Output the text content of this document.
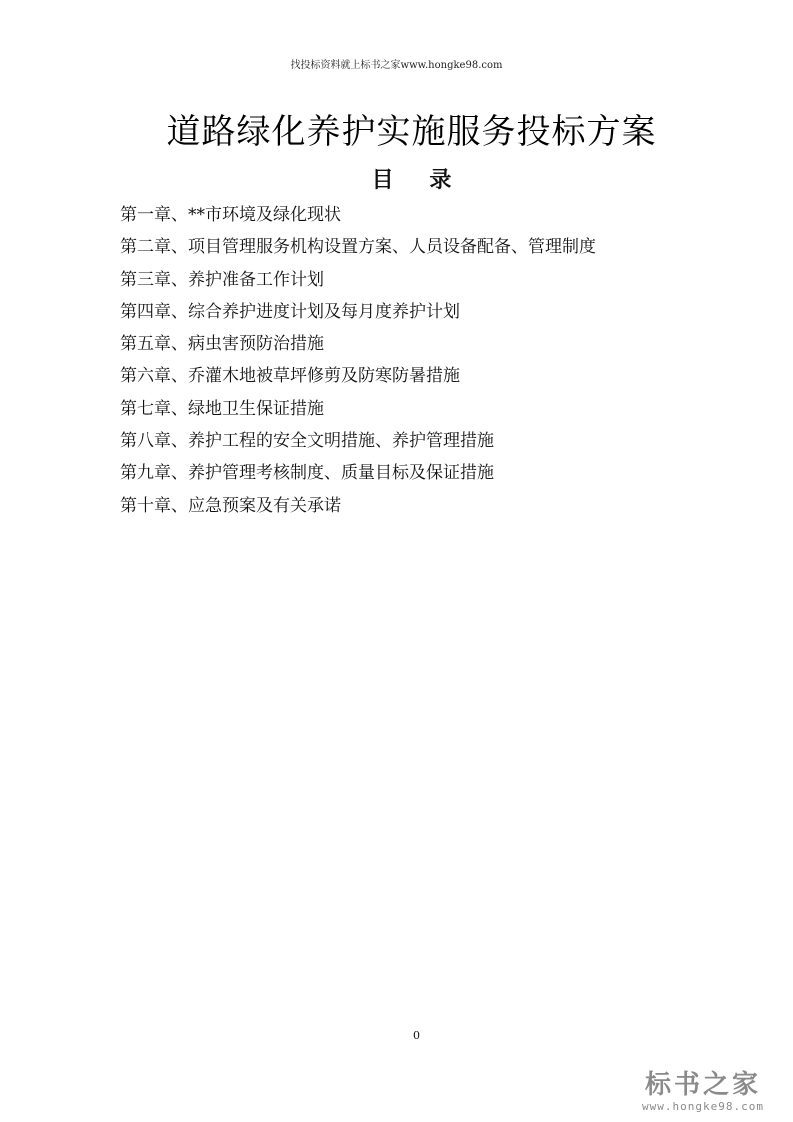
找投标资料就上标书之家www.hongke98.com
道路绿化养护实施服务投标方案
目 录
第一章、**市环境及绿化现状
第二章、项目管理服务机构设置方案、人员设备配备、管理制度
第三章、养护准备工作计划
第四章、综合养护进度计划及每月度养护计划
第五章、病虫害预防治措施
第六章、乔灌木地被草坪修剪及防寒防暑措施
第七章、绿地卫生保证措施
第八章、养护工程的安全文明措施、养护管理措施
第九章、养护管理考核制度、质量目标及保证措施
第十章、应急预案及有关承诺
0
标书之家
www.hongke98.com
